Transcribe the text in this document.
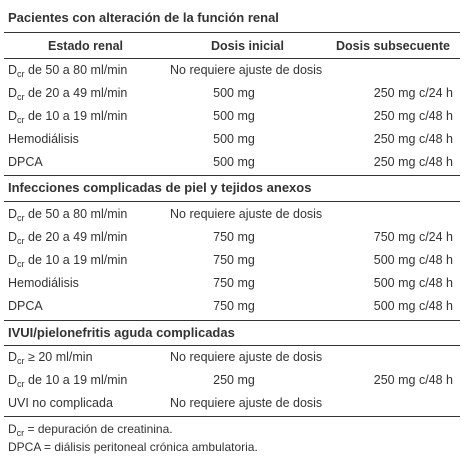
Pacientes con alteración de la función renal
Estado renal	Dosis inicial	Dosis subsecuente
$D_{cr}$ de 50 a 80 ml/min	No requiere ajuste de dosis
$D_{cr}$ de 20 a 49 ml/min	500 mg	250 mg c/24 h
$D_{cr}$ de 10 a 19 ml/min	500 mg	250 mg c/48 h
Hemodiálisis	500 mg	250 mg c/48 h
DPCA	500 mg	250 mg c/48 h
Infecciones complicadas de piel y tejidos anexos
$D_{cr}$ de 50 a 80 ml/min	No requiere ajuste de dosis
$D_{cr}$ de 20 a 49 ml/min	750 mg	750 mg c/24 h
$D_{cr}$ de 10 a 19 ml/min	750 mg	500 mg c/48 h
Hemodiálisis	750 mg	500 mg c/48 h
DPCA	750 mg	500 mg c/48 h
IVUI/pielonefritis aguda complicadas
$D_{cr} \ge 20$ ml/min	No requiere ajuste de dosis
$D_{cr}$ de 10 a 19 ml/min	250 mg	250 mg c/48 h
UVI no complicada	No requiere ajuste de dosis
$D_{cr}$ = depuración de creatinina.
DPCA = diálisis peritoneal crónica ambulatoria.
